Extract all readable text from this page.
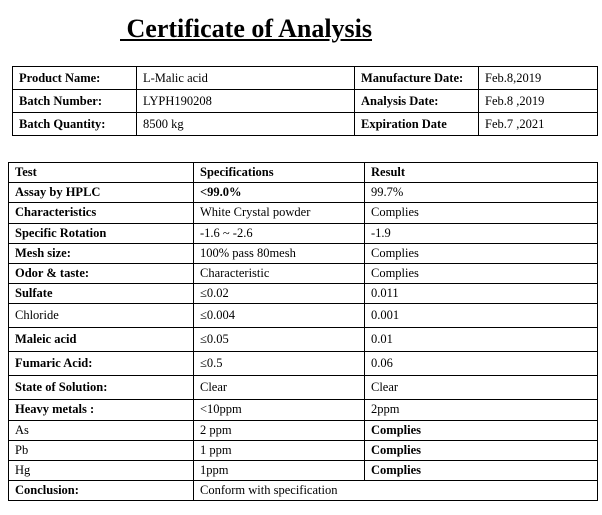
Certificate of Analysis
Product Name:	L-Malic acid	Manufacture Date:	Feb.8,2019
Batch Number:	LYPH190208	Analysis Date:	Feb.8 ,2019
Batch Quantity:	8500 kg	Expiration Date	Feb.7 ,2021
Test	Specifications	Result
Assay by HPLC	<99.0%	99.7%
Characteristics	White Crystal powder	Complies
Specific Rotation	-1.6 ~ -2.6	-1.9
Mesh size:	100% pass 80mesh	Complies
Odor & taste:	Characteristic	Complies
Sulfate	≤0.02	0.011
Chloride	≤0.004	0.001
Maleic acid	≤0.05	0.01
Fumaric Acid:	≤0.5	0.06
State of Solution:	Clear	Clear
Heavy metals :	<10ppm	2ppm
As	2 ppm	Complies
Pb	1 ppm	Complies
Hg	1ppm	Complies
Conclusion:	Conform with specification	
